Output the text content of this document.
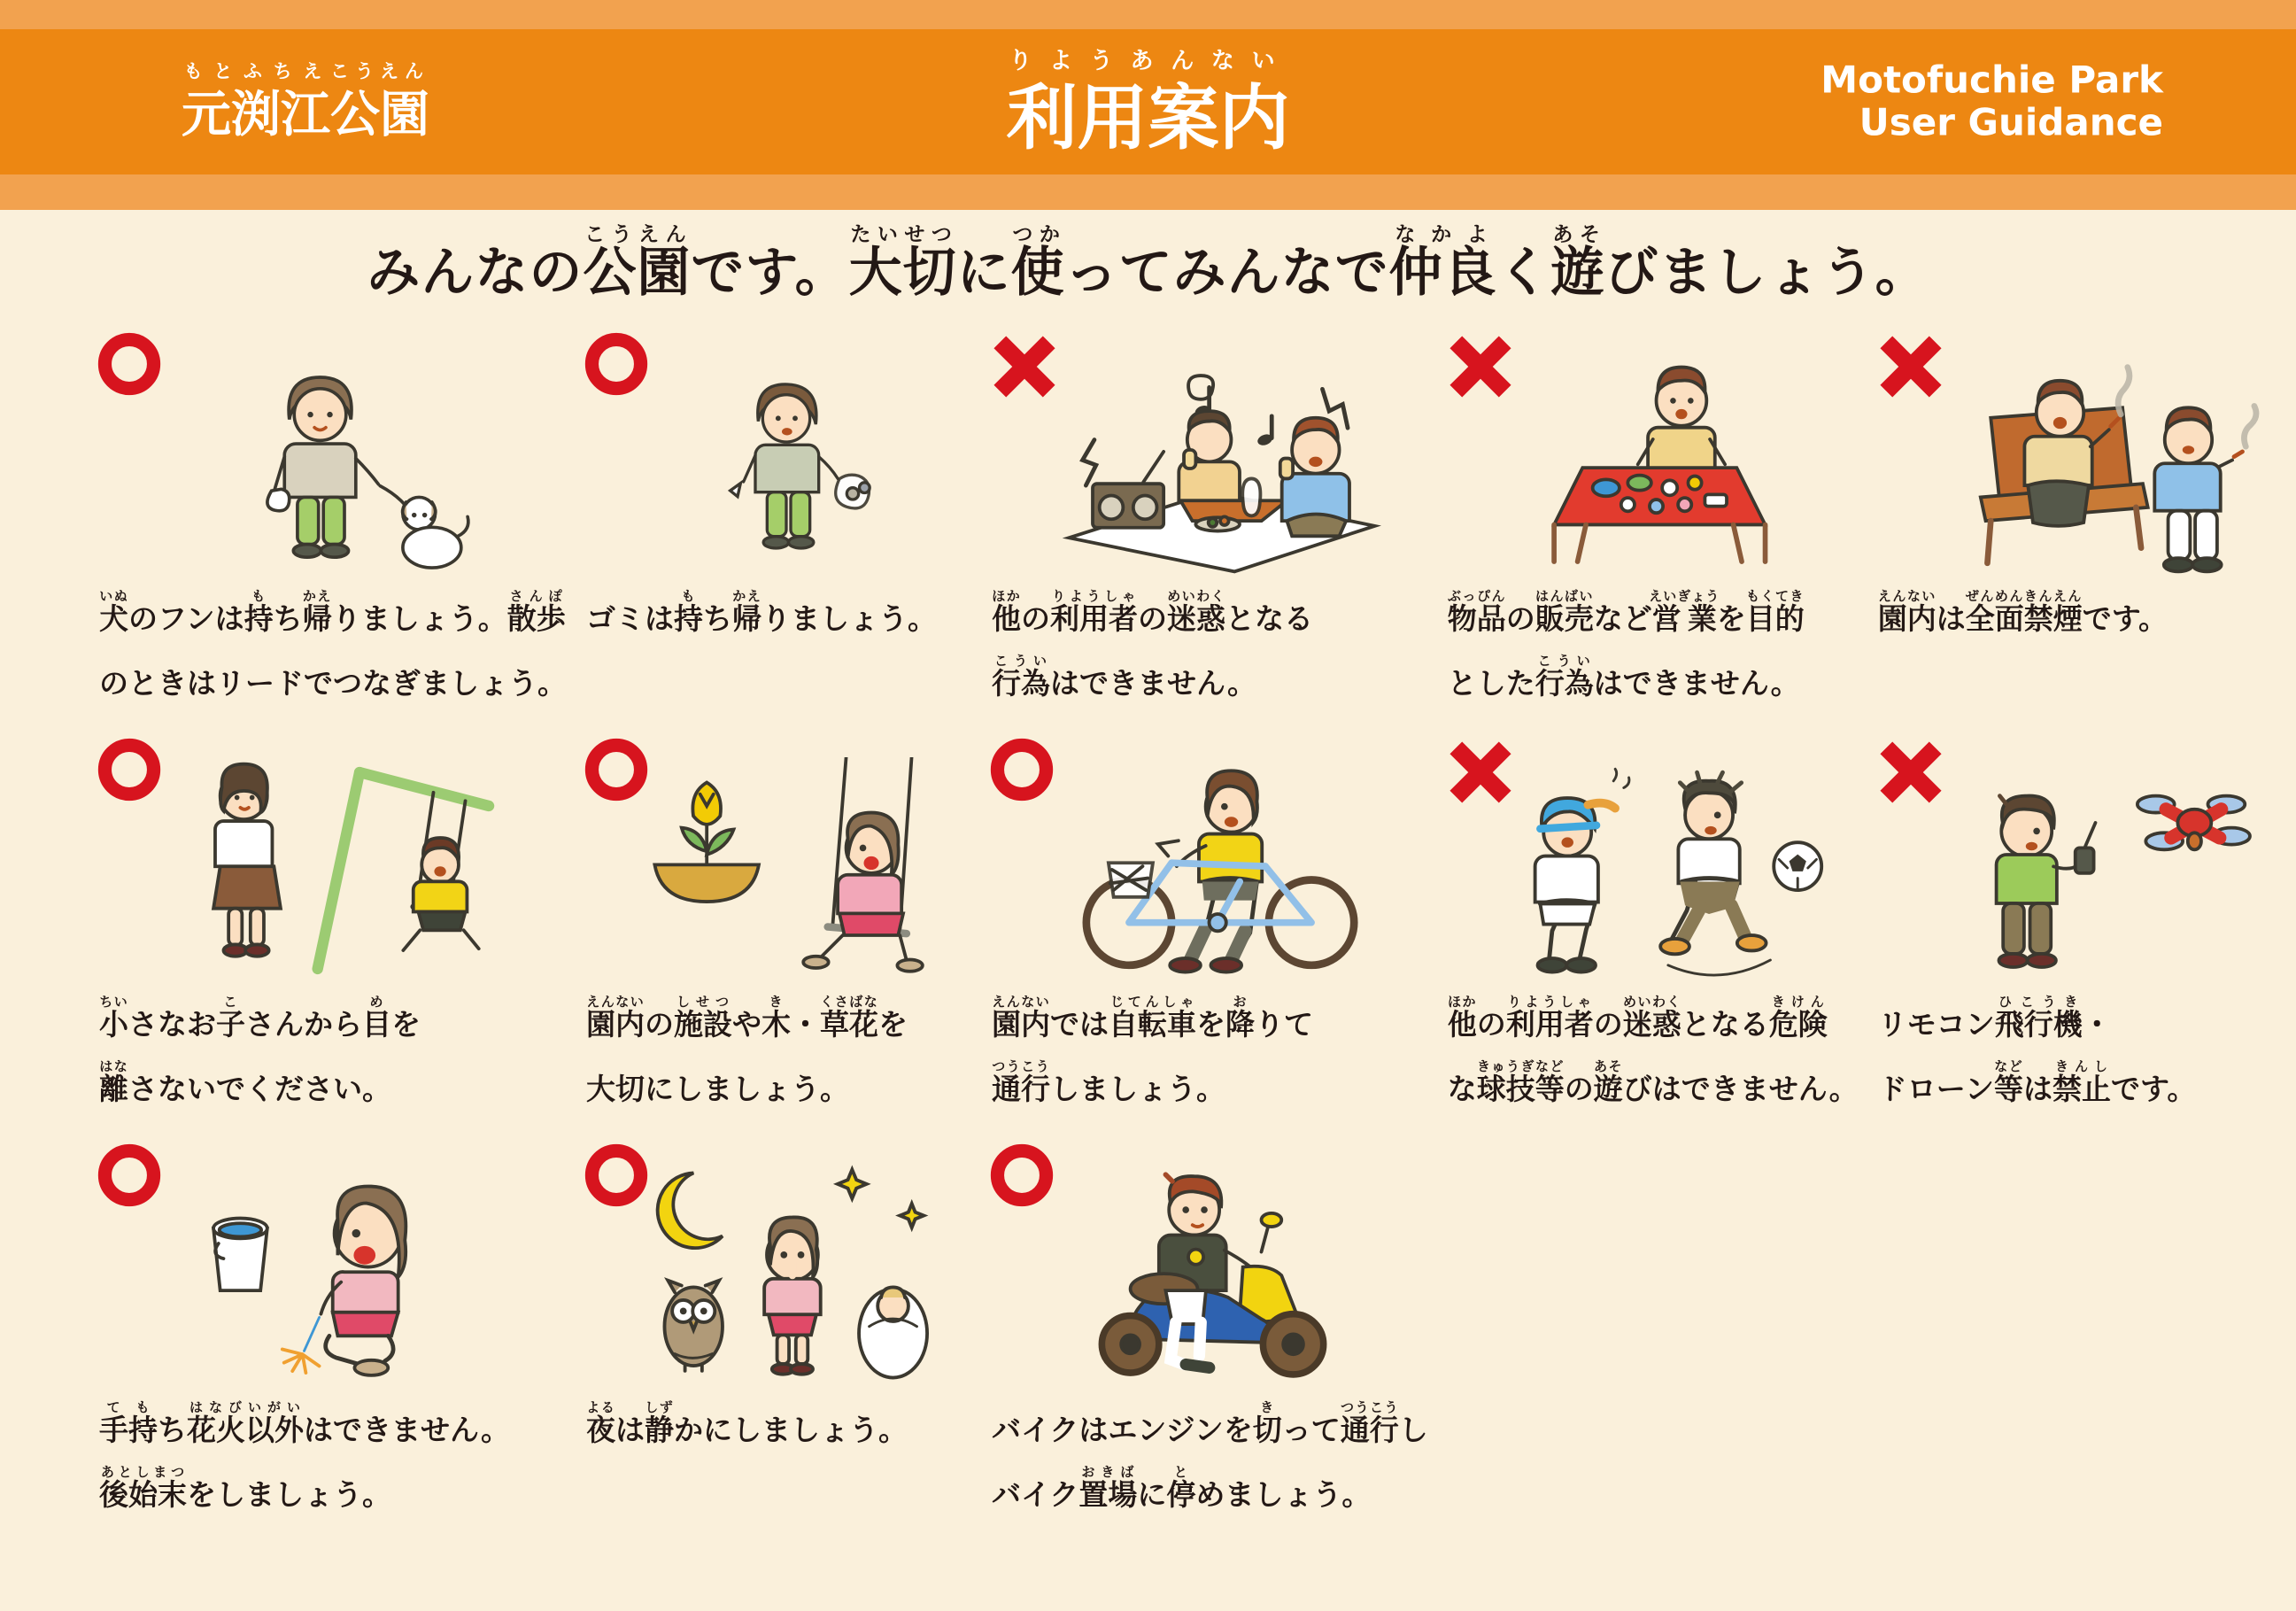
元渕江もとふちえ公園こうえん
利用案内りようあんない	Motofuchie Park
User Guidance
みんなの公園こうえんです。大切たいせつに使つかってみんなで仲良なかよく遊あそびましょう。

犬いぬのフンは持もち帰かえりましょう。散歩さんぽ
のときはリードでつなぎましょう。

ゴミは持もち帰かえりましょう。	他ほかの利用者りようしゃの迷惑めいわくとなる
行為こういはできません。

物品ぶっぴんの販売はんばいなど営業えいぎょうを目的もくてき
とした行為こういはできません。

園内えんないは全面禁煙ぜんめんきんえんです。

小ちいさなお子こさんから目めを
離はなさないでください。

園内えんないの施設しせつや木き・草花くさばなを
大切にしましょう。

園内えんないでは自転車じてんしゃを降おりて
通行つうこうしましょう。

他ほかの利用者りようしゃの迷惑めいわくとなる危険きけん
な球技等きゅうぎなどの遊あそびはできません。

リモコン飛行機ひこうき・
ドローン等などは禁止きんしです。

手て持もち花火以外はなびいがいはできません。
後始末あとしまつをしましょう。

夜よるは静しずかにしましょう。	バイクはエンジンを切きって通行つうこうし
バイク置場おきばに停とめましょう。
